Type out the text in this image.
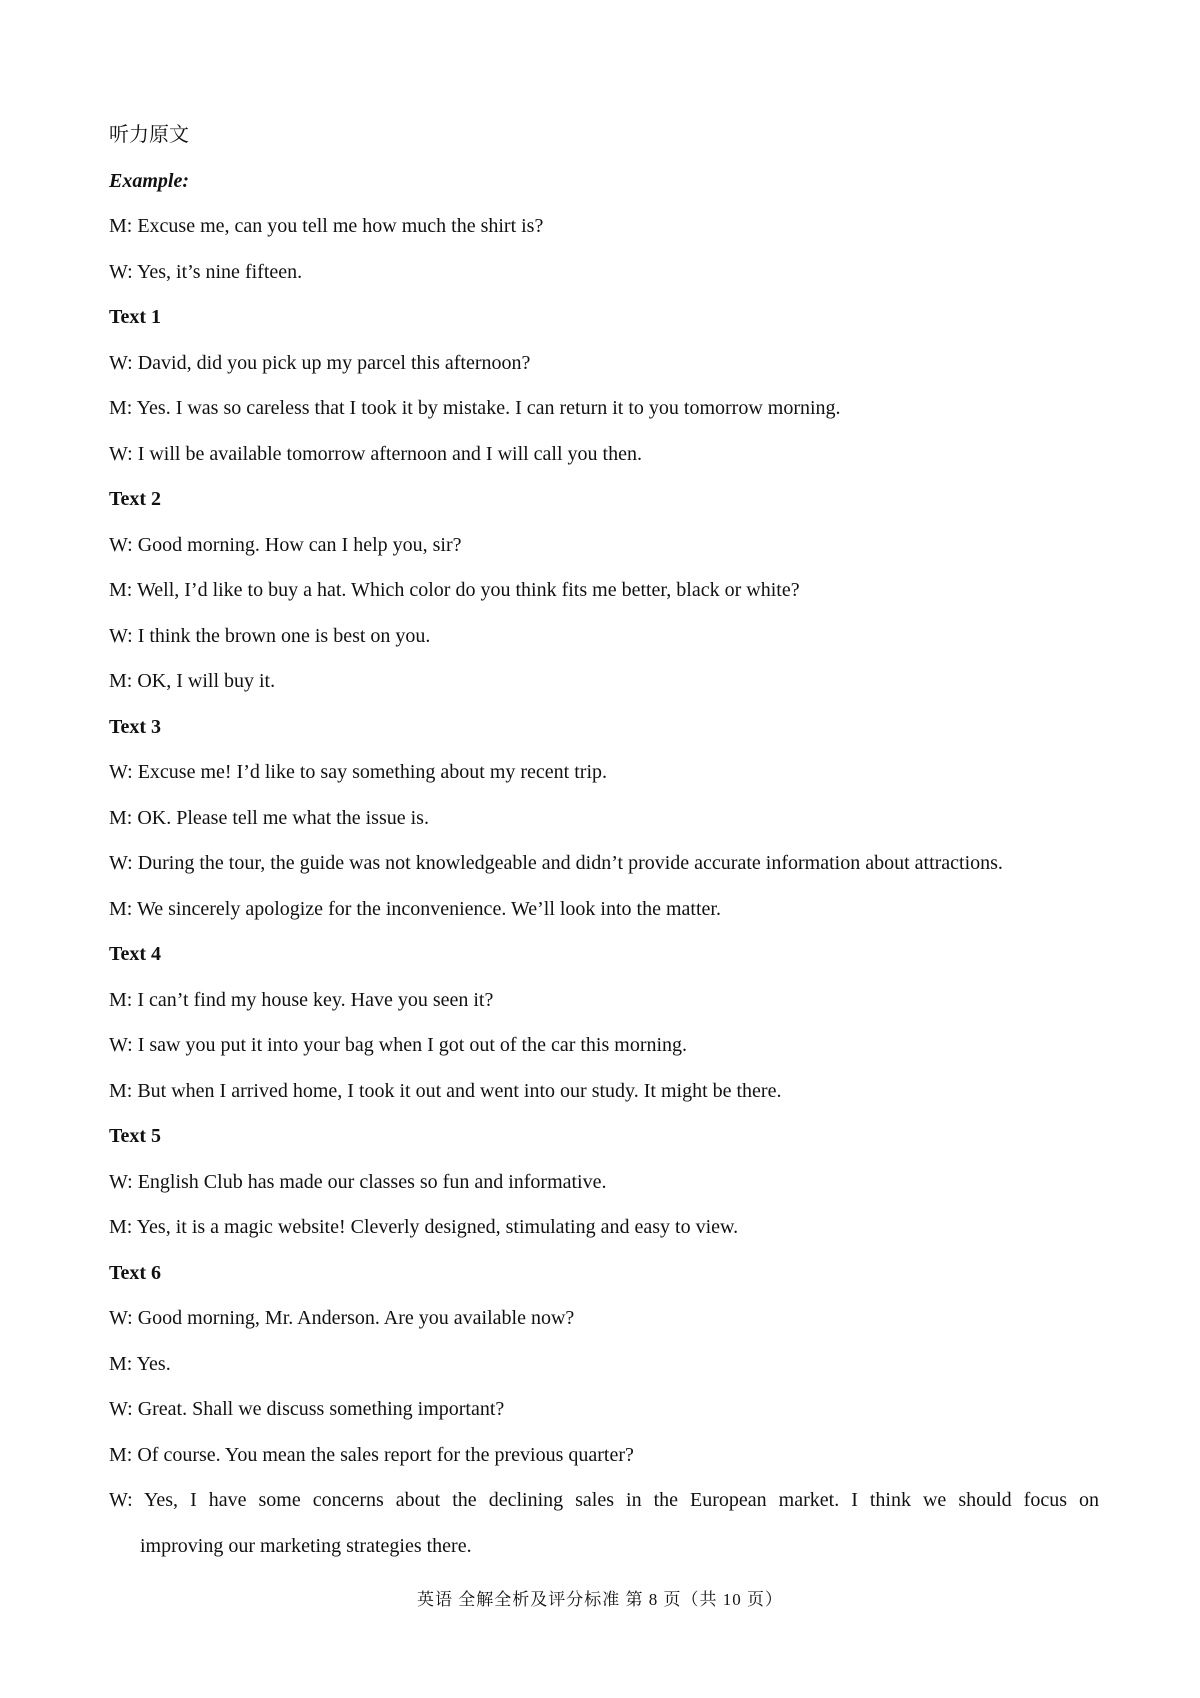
听力原文
Example:
M: Excuse me, can you tell me how much the shirt is?
W: Yes, it’s nine fifteen.
Text 1
W: David, did you pick up my parcel this afternoon?
M: Yes. I was so careless that I took it by mistake. I can return it to you tomorrow morning.
W: I will be available tomorrow afternoon and I will call you then.
Text 2
W: Good morning. How can I help you, sir?
M: Well, I’d like to buy a hat. Which color do you think fits me better, black or white?
W: I think the brown one is best on you.
M: OK, I will buy it.
Text 3
W: Excuse me! I’d like to say something about my recent trip.
M: OK. Please tell me what the issue is.
W: During the tour, the guide was not knowledgeable and didn’t provide accurate information about attractions.
M: We sincerely apologize for the inconvenience. We’ll look into the matter.
Text 4
M: I can’t find my house key. Have you seen it?
W: I saw you put it into your bag when I got out of the car this morning.
M: But when I arrived home, I took it out and went into our study. It might be there.
Text 5
W: English Club has made our classes so fun and informative.
M: Yes, it is a magic website! Cleverly designed, stimulating and easy to view.
Text 6
W: Good morning, Mr. Anderson. Are you available now?
M: Yes.
W: Great. Shall we discuss something important?
M: Of course. You mean the sales report for the previous quarter?
W: Yes, I have some concerns about the declining sales in the European market. I think we should focus on
improving our marketing strategies there.
英语 全解全析及评分标准 第 8 页（共 10 页）
